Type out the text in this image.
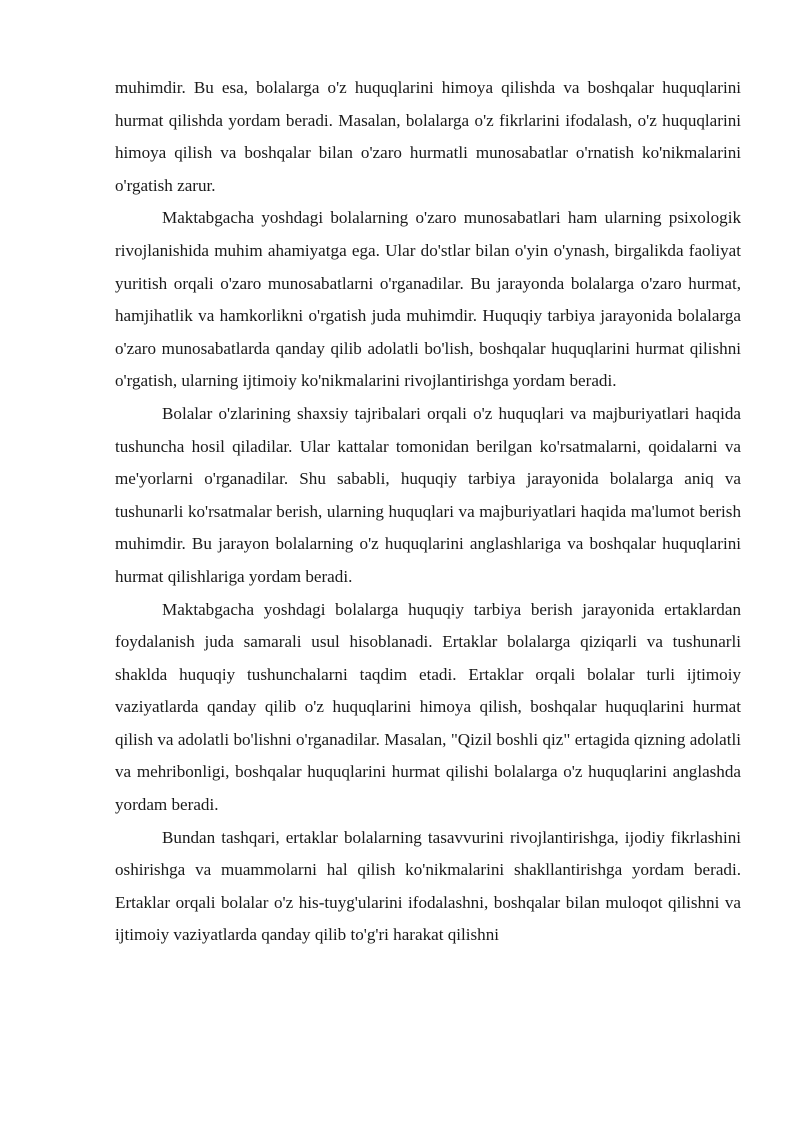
muhimdir. Bu esa, bolalarga o'z huquqlarini himoya qilishda va boshqalar huquqlarini hurmat qilishda yordam beradi. Masalan, bolalarga o'z fikrlarini ifodalash, o'z huquqlarini himoya qilish va boshqalar bilan o'zaro hurmatli munosabatlar o'rnatish ko'nikmalarini o'rgatish zarur.

Maktabgacha yoshdagi bolalarning o'zaro munosabatlari ham ularning psixologik rivojlanishida muhim ahamiyatga ega. Ular do'stlar bilan o'yin o'ynash, birgalikda faoliyat yuritish orqali o'zaro munosabatlarni o'rganadilar. Bu jarayonda bolalarga o'zaro hurmat, hamjihatlik va hamkorlikni o'rgatish juda muhimdir. Huquqiy tarbiya jarayonida bolalarga o'zaro munosabatlarda qanday qilib adolatli bo'lish, boshqalar huquqlarini hurmat qilishni o'rgatish, ularning ijtimoiy ko'nikmalarini rivojlantirishga yordam beradi.

Bolalar o'zlarining shaxsiy tajribalari orqali o'z huquqlari va majburiyatlari haqida tushuncha hosil qiladilar. Ular kattalar tomonidan berilgan ko'rsatmalarni, qoidalarni va me'yorlarni o'rganadilar. Shu sababli, huquqiy tarbiya jarayonida bolalarga aniq va tushunarli ko'rsatmalar berish, ularning huquqlari va majburiyatlari haqida ma'lumot berish muhimdir. Bu jarayon bolalarning o'z huquqlarini anglashlariga va boshqalar huquqlarini hurmat qilishlariga yordam beradi.

Maktabgacha yoshdagi bolalarga huquqiy tarbiya berish jarayonida ertaklardan foydalanish juda samarali usul hisoblanadi. Ertaklar bolalarga qiziqarli va tushunarli shaklda huquqiy tushunchalarni taqdim etadi. Ertaklar orqali bolalar turli ijtimoiy vaziyatlarda qanday qilib o'z huquqlarini himoya qilish, boshqalar huquqlarini hurmat qilish va adolatli bo'lishni o'rganadilar. Masalan, "Qizil boshli qiz" ertagida qizning adolatli va mehribonligi, boshqalar huquqlarini hurmat qilishi bolalarga o'z huquqlarini anglashda yordam beradi.

Bundan tashqari, ertaklar bolalarning tasavvurini rivojlantirishga, ijodiy fikrlashini oshirishga va muammolarni hal qilish ko'nikmalarini shakllantirishga yordam beradi. Ertaklar orqali bolalar o'z his-tuyg'ularini ifodalashni, boshqalar bilan muloqot qilishni va ijtimoiy vaziyatlarda qanday qilib to'g'ri harakat qilishni
